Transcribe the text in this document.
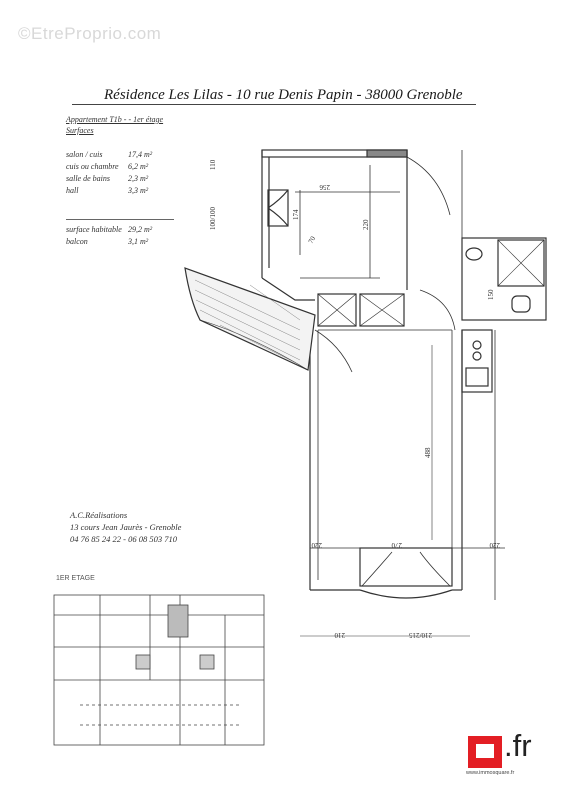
©EtreProprio.com
Résidence Les Lilas - 10 rue Denis Papin - 38000 Grenoble
Appartement T1b - - 1er étage
Surfaces
salon / cuis	17,4 m²
cuis ou chambre 6,2 m²
salle de bains 2,3 m²
hall	3,3 m²
surface habitable 29,2 m²
balcon	3,1 m²
110
100/100
256
174
70
220
150
488
270
220	220
210	210/215
A.C.Réalisations
13 cours Jean Jaurès - Grenoble
04 76 85 24 22 - 06 08 503 710
1ER ETAGE
.fr
www.immosquare.fr
